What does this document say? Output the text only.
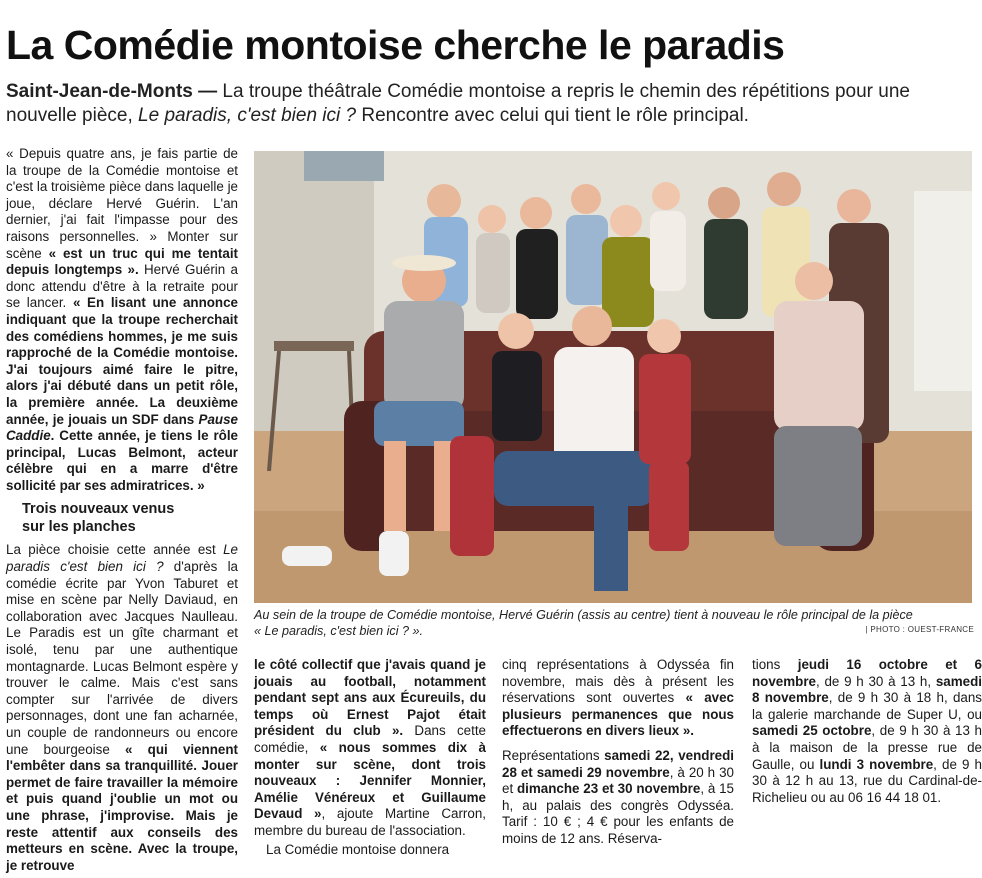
La Comédie montoise cherche le paradis
Saint-Jean-de-Monts — La troupe théâtrale Comédie montoise a repris le chemin des répétitions pour une nouvelle pièce, Le paradis, c'est bien ici ? Rencontre avec celui qui tient le rôle principal.

« Depuis quatre ans, je fais partie de la troupe de la Comédie montoise et c'est la troisième pièce dans laquelle je joue, déclare Hervé Guérin. L'an dernier, j'ai fait l'impasse pour des raisons personnelles. » Monter sur scène « est un truc qui me tentait depuis longtemps ». Hervé Guérin a donc attendu d'être à la retraite pour se lancer. « En lisant une annonce indiquant que la troupe recherchait des comédiens hommes, je me suis rapproché de la Comédie montoise. J'ai toujours aimé faire le pitre, alors j'ai débuté dans un petit rôle, la première année. La deuxième année, je jouais un SDF dans Pause Caddie. Cette année, je tiens le rôle principal, Lucas Belmont, acteur célèbre qui en a marre d'être sollicité par ses admiratrices. »

Trois nouveaux venus
sur les planches

La pièce choisie cette année est Le paradis c'est bien ici ? d'après la comédie écrite par Yvon Taburet et mise en scène par Nelly Daviaud, en collaboration avec Jacques Naulleau. Le Paradis est un gîte charmant et isolé, tenu par une authentique montagnarde. Lucas Belmont espère y trouver le calme. Mais c'est sans compter sur l'arrivée de divers personnages, dont une fan acharnée, un couple de randonneurs ou encore une bourgeoise « qui viennent l'embêter dans sa tranquillité. Jouer permet de faire travailler la mémoire et puis quand j'oublie un mot ou une phrase, j'improvise. Mais je reste attentif aux conseils des metteurs en scène. Avec la troupe, je retrouve

Au sein de la troupe de Comédie montoise, Hervé Guérin (assis au centre) tient à nouveau le rôle principal de la pièce
« Le paradis, c'est bien ici ? ».	| PHOTO : OUEST-FRANCE

le côté collectif que j'avais quand je jouais au football, notamment pendant sept ans aux Écureuils, du temps où Ernest Pajot était président du club ». Dans cette comédie, « nous sommes dix à monter sur scène, dont trois nouveaux : Jennifer Monnier, Amélie Vénéreux et Guillaume Devaud », ajoute Martine Carron, membre du bureau de l'association.

La Comédie montoise donnera

cinq représentations à Odysséa fin novembre, mais dès à présent les réservations sont ouvertes « avec plusieurs permanences que nous effectuerons en divers lieux ».

Représentations samedi 22, vendredi 28 et samedi 29 novembre, à 20 h 30 et dimanche 23 et 30 novembre, à 15 h, au palais des congrès Odysséa. Tarif : 10 € ; 4 € pour les enfants de moins de 12 ans. Réserva-

tions jeudi 16 octobre et 6 novembre, de 9 h 30 à 13 h, samedi 8 novembre, de 9 h 30 à 18 h, dans la galerie marchande de Super U, ou samedi 25 octobre, de 9 h 30 à 13 h à la maison de la presse rue de Gaulle, ou lundi 3 novembre, de 9 h 30 à 12 h au 13, rue du Cardinal-de-Richelieu ou au 06 16 44 18 01.
